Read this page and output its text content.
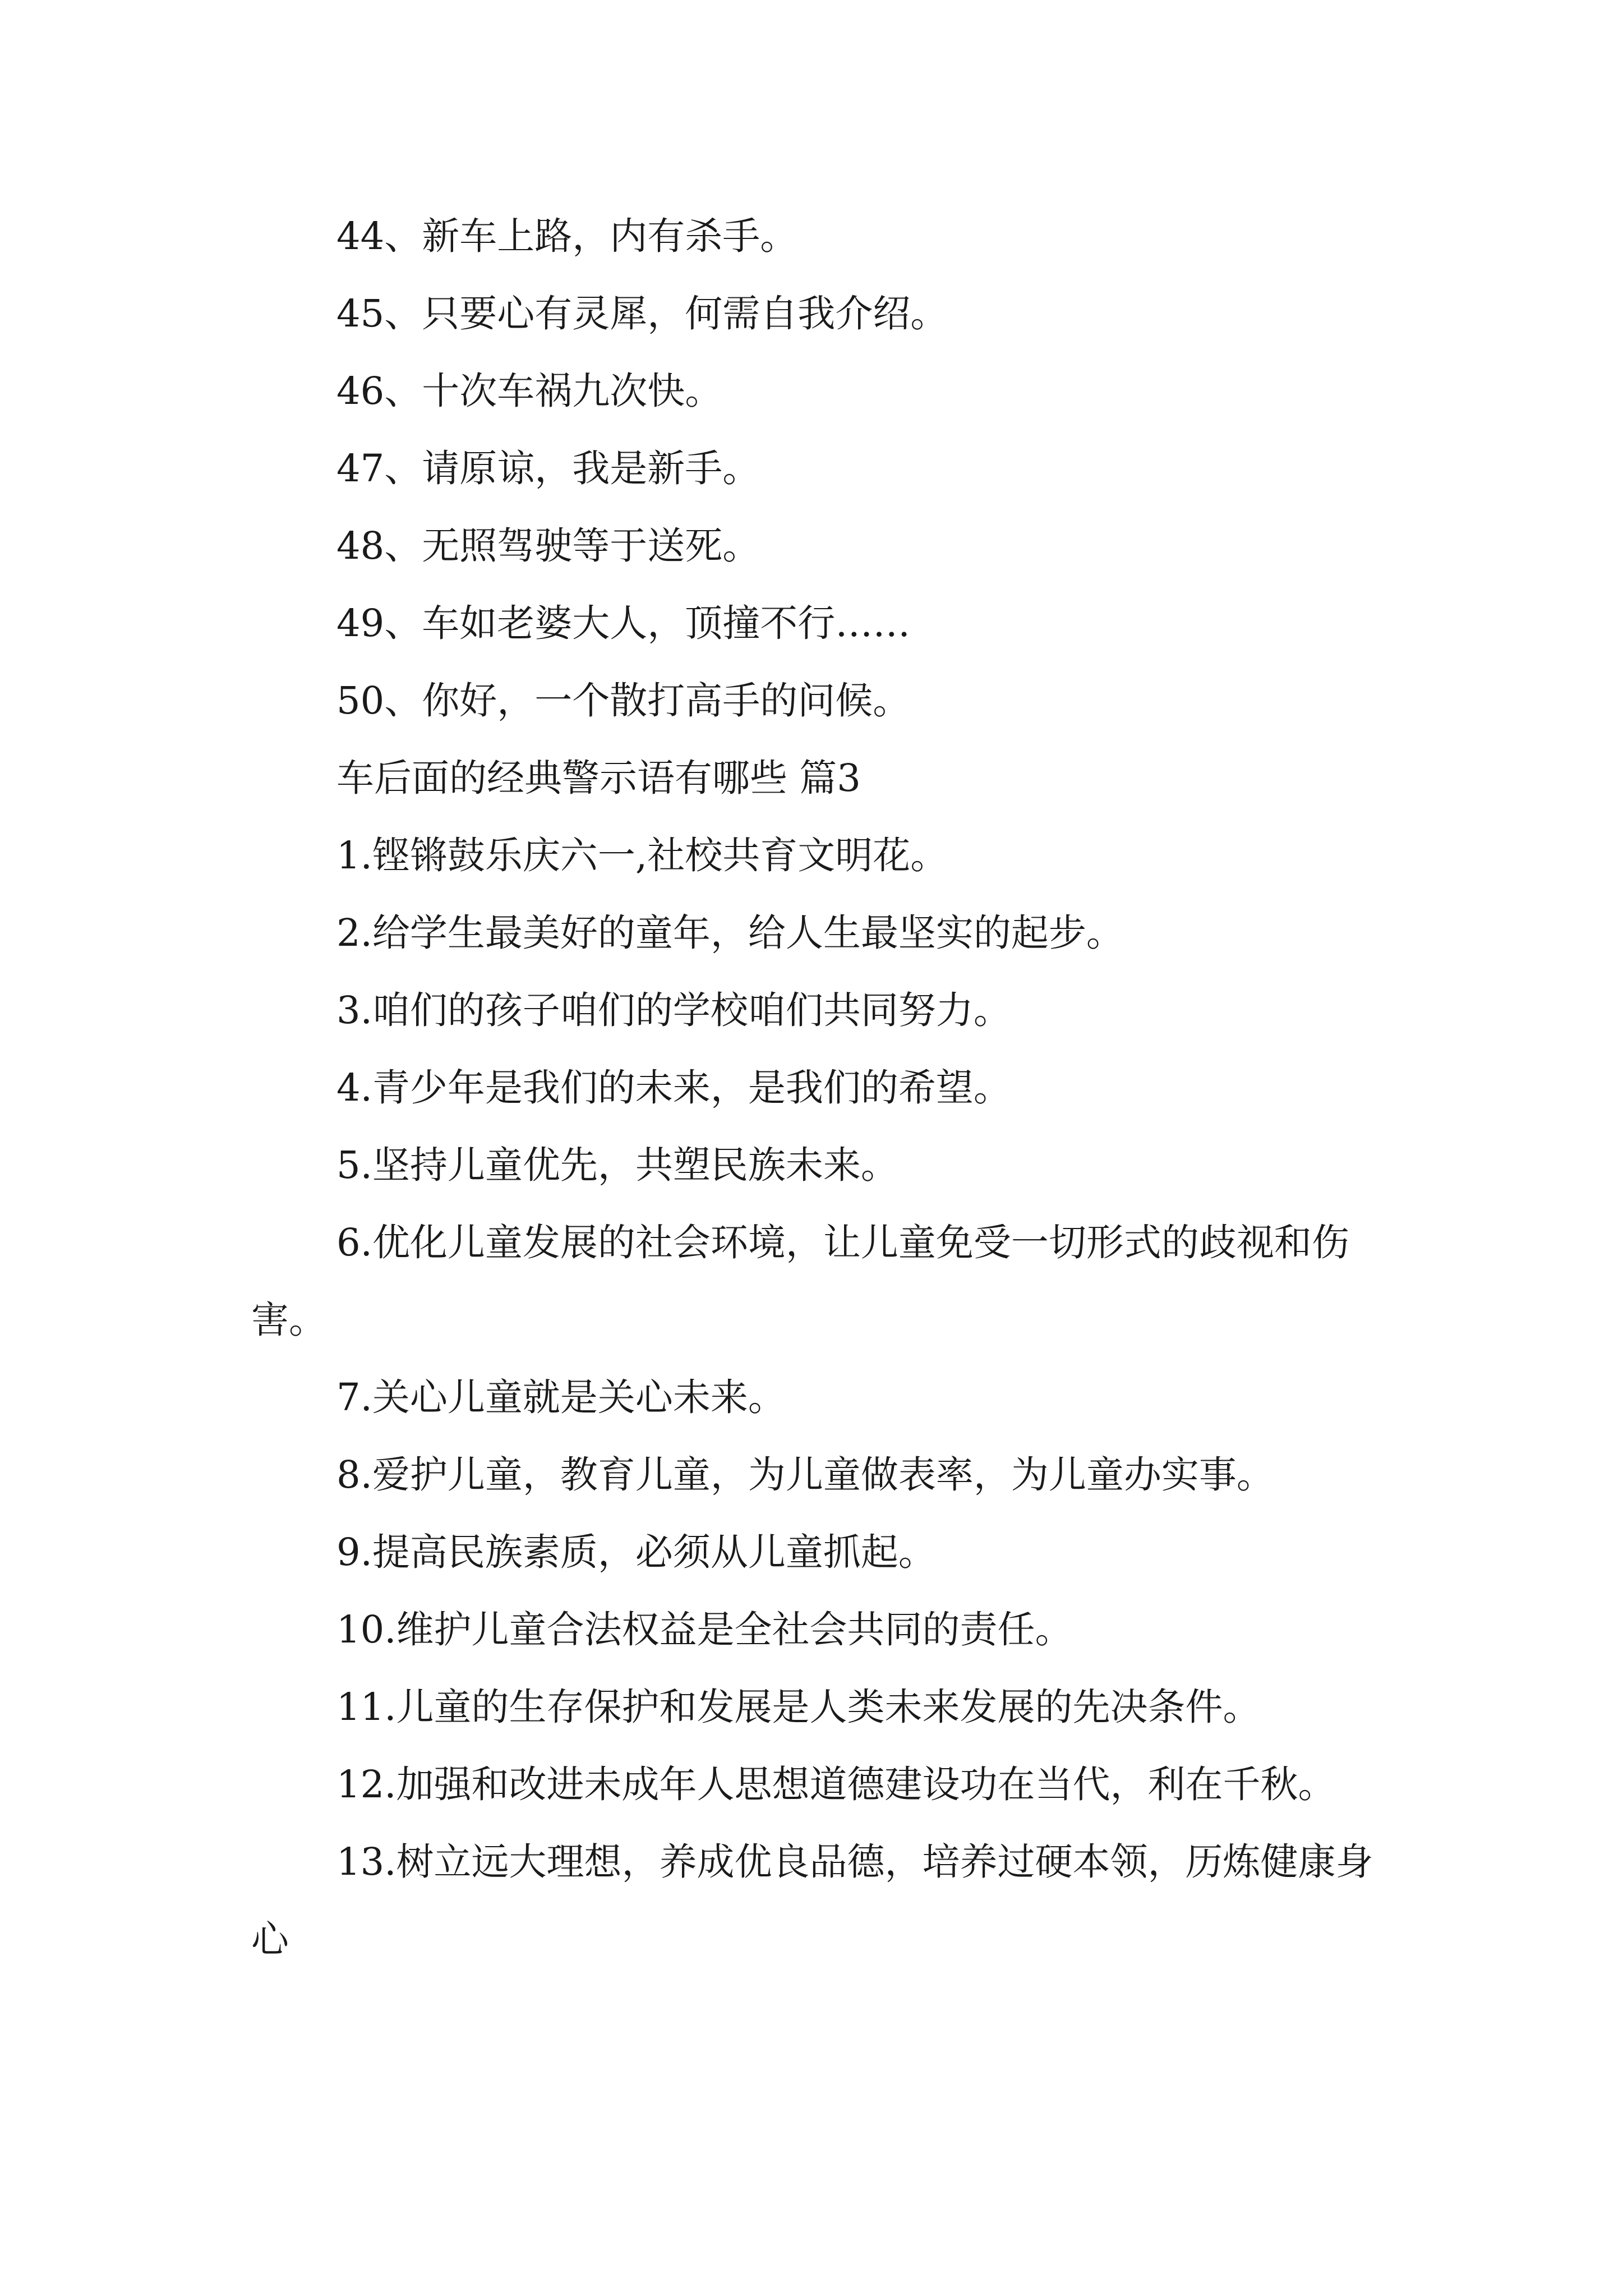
44、新车上路，内有杀手。

45、只要心有灵犀，何需自我介绍。

46、十次车祸九次快。

47、请原谅，我是新手。

48、无照驾驶等于送死。

49、车如老婆大人，顶撞不行……

50、你好，一个散打高手的问候。

车后面的经典警示语有哪些 篇3

1.铿锵鼓乐庆六一,社校共育文明花。

2.给学生最美好的童年，给人生最坚实的起步。

3.咱们的孩子咱们的学校咱们共同努力。

4.青少年是我们的未来，是我们的希望。

5.坚持儿童优先，共塑民族未来。

6.优化儿童发展的社会环境，让儿童免受一切形式的歧视和伤害。

7.关心儿童就是关心未来。

8.爱护儿童，教育儿童，为儿童做表率，为儿童办实事。

9.提高民族素质，必须从儿童抓起。

10.维护儿童合法权益是全社会共同的责任。

11.儿童的生存保护和发展是人类未来发展的先决条件。

12.加强和改进未成年人思想道德建设功在当代，利在千秋。

13.树立远大理想，养成优良品德，培养过硬本领，历炼健康身心
